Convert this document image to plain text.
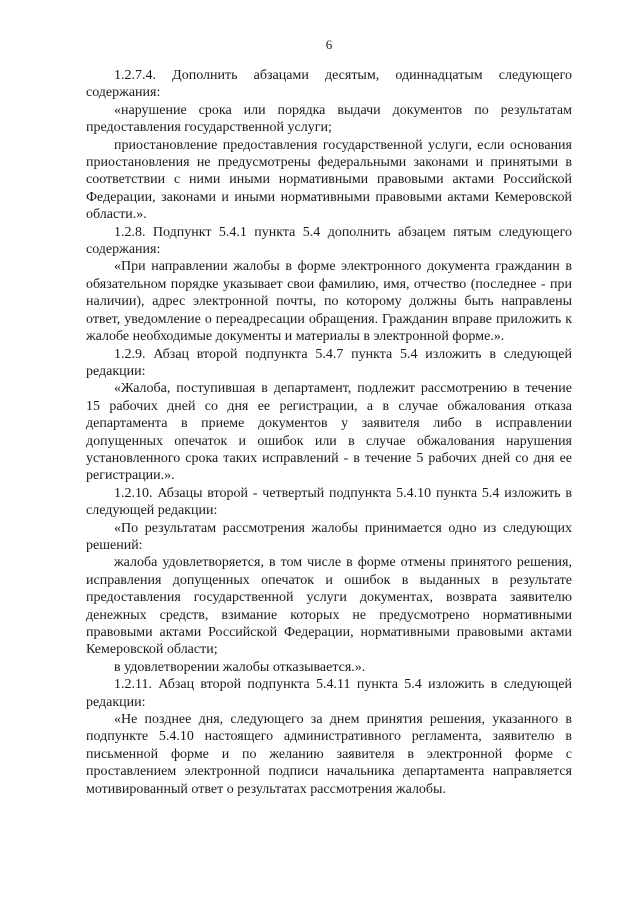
6

1.2.7.4. Дополнить абзацами десятым, одиннадцатым следующего содержания:

«нарушение срока или порядка выдачи документов по результатам предоставления государственной услуги;

приостановление предоставления государственной услуги, если основания приостановления не предусмотрены федеральными законами и принятыми в соответствии с ними иными нормативными правовыми актами Российской Федерации, законами и иными нормативными правовыми актами Кемеровской области.».

1.2.8. Подпункт 5.4.1 пункта 5.4 дополнить абзацем пятым следующего содержания:

«При направлении жалобы в форме электронного документа гражданин в обязательном порядке указывает свои фамилию, имя, отчество (последнее - при наличии), адрес электронной почты, по которому должны быть направлены ответ, уведомление о переадресации обращения. Гражданин вправе приложить к жалобе необходимые документы и материалы в электронной форме.».

1.2.9. Абзац второй подпункта 5.4.7 пункта 5.4 изложить в следующей редакции:

«Жалоба, поступившая в департамент, подлежит рассмотрению в течение 15 рабочих дней со дня ее регистрации, а в случае обжалования отказа департамента в приеме документов у заявителя либо в исправлении допущенных опечаток и ошибок или в случае обжалования нарушения установленного срока таких исправлений - в течение 5 рабочих дней со дня ее регистрации.».

1.2.10. Абзацы второй - четвертый подпункта 5.4.10 пункта 5.4 изложить в следующей редакции:

«По результатам рассмотрения жалобы принимается одно из следующих решений:

жалоба удовлетворяется, в том числе в форме отмены принятого решения, исправления допущенных опечаток и ошибок в выданных в результате предоставления государственной услуги документах, возврата заявителю денежных средств, взимание которых не предусмотрено нормативными правовыми актами Российской Федерации, нормативными правовыми актами Кемеровской области;

в удовлетворении жалобы отказывается.».

1.2.11. Абзац второй подпункта 5.4.11 пункта 5.4 изложить в следующей редакции:

«Не позднее дня, следующего за днем принятия решения, указанного в подпункте 5.4.10 настоящего административного регламента, заявителю в письменной форме и по желанию заявителя в электронной форме с проставлением электронной подписи начальника департамента направляется мотивированный ответ о результатах рассмотрения жалобы.
